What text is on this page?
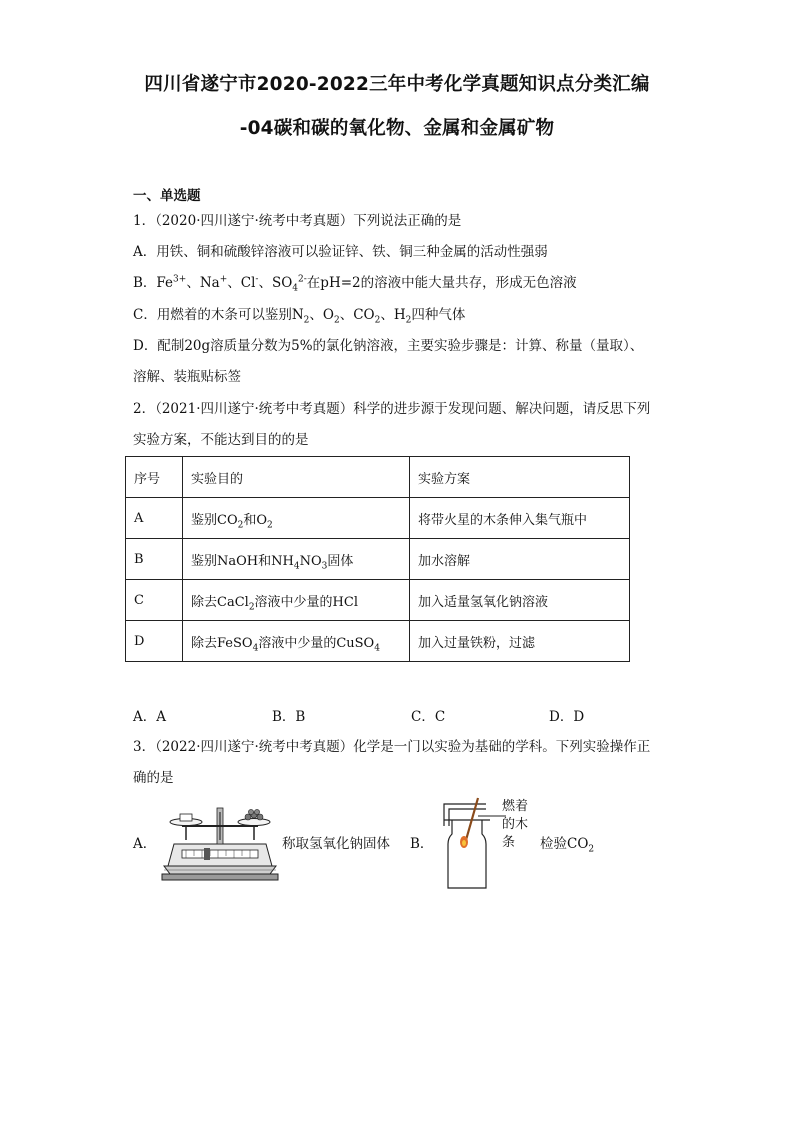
四川省遂宁市2020-2022三年中考化学真题知识点分类汇编
-04碳和碳的氧化物、金属和金属矿物
一、单选题
1．（2020·四川遂宁·统考中考真题）下列说法正确的是
A．用铁、铜和硫酸锌溶液可以验证锌、铁、铜三种金属的活动性强弱
B．$Fe^{3+}$、Na+、Cl-、$SO_4^{2-}$在pH=2的溶液中能大量共存，形成无色溶液
C．用燃着的木条可以鉴别$N_2$、$O_2$、$CO_2$、$H_2$四种气体
D．配制20g溶质量分数为5%的氯化钠溶液，主要实验步骤是：计算、称量（量取）、
溶解、装瓶贴标签
2．（2021·四川遂宁·统考中考真题）科学的进步源于发现问题、解决问题，请反思下列
实验方案，不能达到目的的是
序号	实验目的	实验方案
A	鉴别$CO_2$和$O_2$	将带火星的木条伸入集气瓶中
B	鉴别NaOH和$NH_4NO_3$固体	加水溶解
C	除去CaCl$_2$溶液中少量的HCl	加入适量氢氧化钠溶液
D	除去FeSO$_4$溶液中少量的CuSO$_4$	加入过量铁粉，过滤
A．A	B．B	C．C	D．D
3．（2022·四川遂宁·统考中考真题）化学是一门以实验为基础的学科。下列实验操作正
确的是
A．	称取氢氧化钠固体 B．
燃着
的木
条 检验$CO_2$
